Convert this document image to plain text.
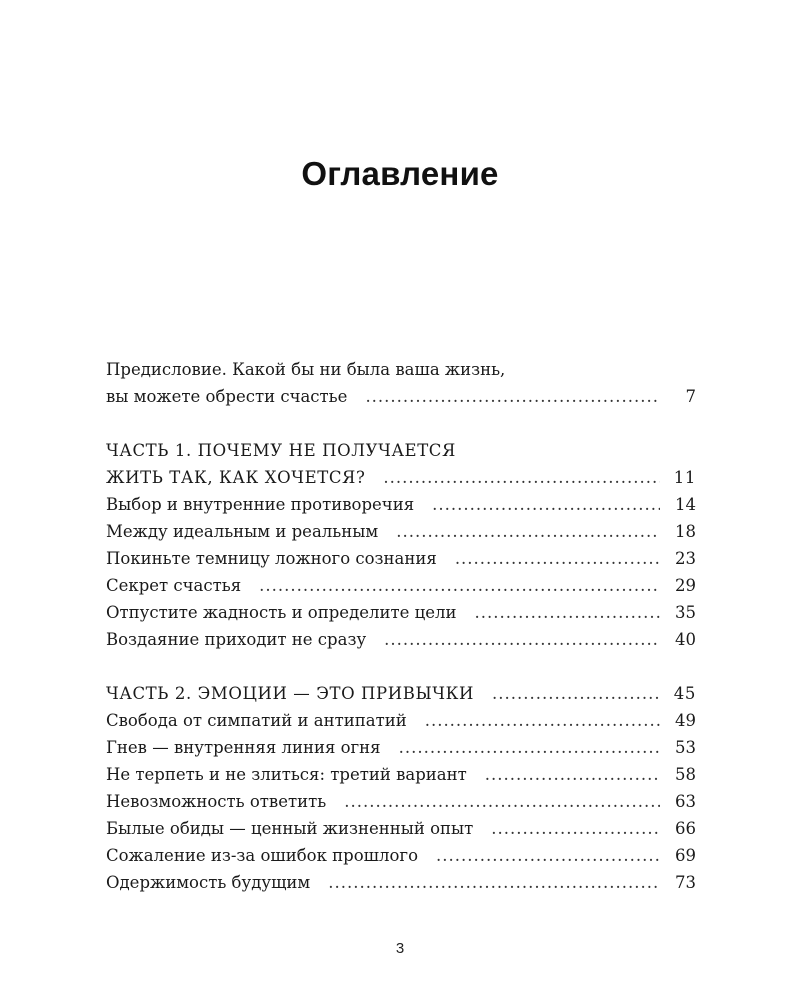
Оглавление
Предисловие. Какой бы ни была ваша жизнь,
вы можете обрести счастье .....	7
ЧАСТЬ 1. ПОЧЕМУ НЕ ПОЛУЧАЕТСЯ
ЖИТЬ ТАК, КАК ХОЧЕТСЯ? .....	11
Выбор и внутренние противоречия .....	14
Между идеальным и реальным .....	18
Покиньте темницу ложного сознания .....	23
Секрет счастья .....	29
Отпустите жадность и определите цели .....	35
Воздаяние приходит не сразу .....	40
ЧАСТЬ 2. ЭМОЦИИ — ЭТО ПРИВЫЧКИ .....	45
Свобода от симпатий и антипатий .....	49
Гнев — внутренняя линия огня .....	53
Не терпеть и не злиться: третий вариант .....	58
Невозможность ответить .....	63
Былые обиды — ценный жизненный опыт .....	66
Сожаление из-за ошибок прошлого .....	69
Одержимость будущим .....	73
3
